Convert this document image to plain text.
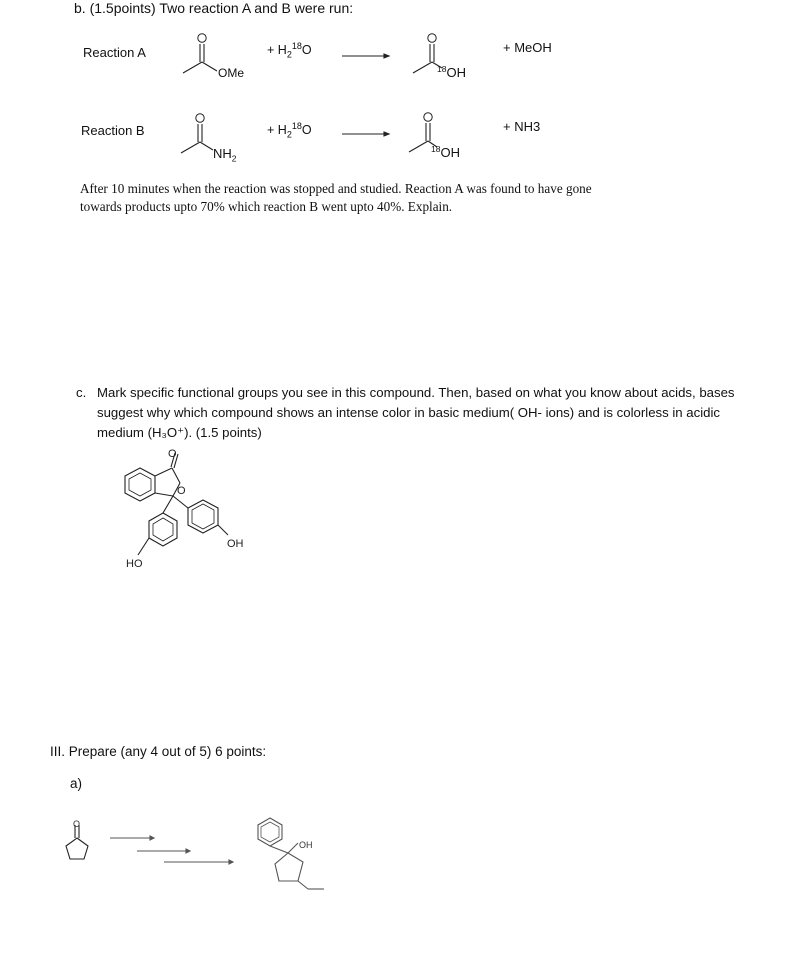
b. (1.5points) Two reaction A and B were run:
Reaction A
OMe
+ $H_2^{18}O$
$^{18}$OH
+ MeOH
Reaction B
$NH_2$
+ $H_2^{18}O$
$^{18}$OH
+ NH3
After 10 minutes when the reaction was stopped and studied. Reaction A was found to have gone
towards products upto 70% which reaction B went upto 40%. Explain.
c. Mark specific functional groups you see in this compound. Then, based on what you know about acids, bases
suggest why which compound shows an intense color in basic medium( OH- ions) and is colorless in acidic
medium (H₃O⁺). (1.5 points)
III. Prepare (any 4 out of 5) 6 points:
a)
O
O
OH
HO
O
OH
